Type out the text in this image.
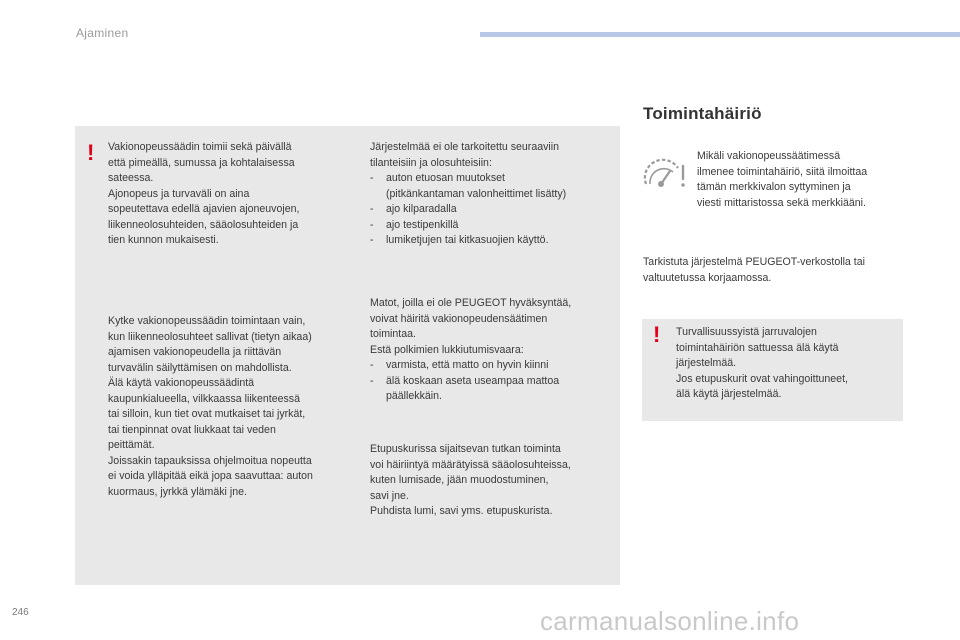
Ajaminen
! Vakionopeussäädin toimii sekä päivällä
että pimeällä, sumussa ja kohtalaisessa
sateessa.
Ajonopeus ja turvaväli on aina
sopeutettava edellä ajavien ajoneuvojen,
liikenneolosuhteiden, sääolosuhteiden ja
tien kunnon mukaisesti.

Kytke vakionopeussäädin toimintaan vain,
kun liikenneolosuhteet sallivat (tietyn aikaa)
ajamisen vakionopeudella ja riittävän
turvavälin säilyttämisen on mahdollista.
Älä käytä vakionopeussäädintä
kaupunkialueella, vilkkaassa liikenteessä
tai silloin, kun tiet ovat mutkaiset tai jyrkät,
tai tienpinnat ovat liukkaat tai veden
peittämät.
Joissakin tapauksissa ohjelmoitua nopeutta
ei voida ylläpitää eikä jopa saavuttaa: auton
kuormaus, jyrkkä ylämäki jne.

Järjestelmää ei ole tarkoitettu seuraaviin
tilanteisiin ja olosuhteisiin:

-	auton etuosan muutokset
(pitkänkantaman valonheittimet lisätty)
-	ajo kilparadalla
-	ajo testipenkillä
-	lumiketjujen tai kitkasuojien käyttö.

Matot, joilla ei ole PEUGEOT hyväksyntää,
voivat häiritä vakionopeudensäätimen
toimintaa.
Estä polkimien lukkiutumisvaara:

-	varmista, että matto on hyvin kiinni
-	älä koskaan aseta useampaa mattoa
päällekkäin.

Etupuskurissa sijaitsevan tutkan toiminta
voi häiriintyä määrätyissä sääolosuhteissa,
kuten lumisade, jään muodostuminen,
savi jne.
Puhdista lumi, savi yms. etupuskurista.

Toimintahäiriö

Mikäli vakionopeussäätimessä
ilmenee toimintahäiriö, siitä ilmoittaa
tämän merkkivalon syttyminen ja
viesti mittaristossa sekä merkkiääni.

Tarkistuta järjestelmä PEUGEOT-verkostolla tai
valtuutetussa korjaamossa.

! Turvallisuussyistä jarruvalojen
toimintahäiriön sattuessa älä käytä
järjestelmää.
Jos etupuskurit ovat vahingoittuneet,
älä käytä järjestelmää.

246	carmanualsonline.info
